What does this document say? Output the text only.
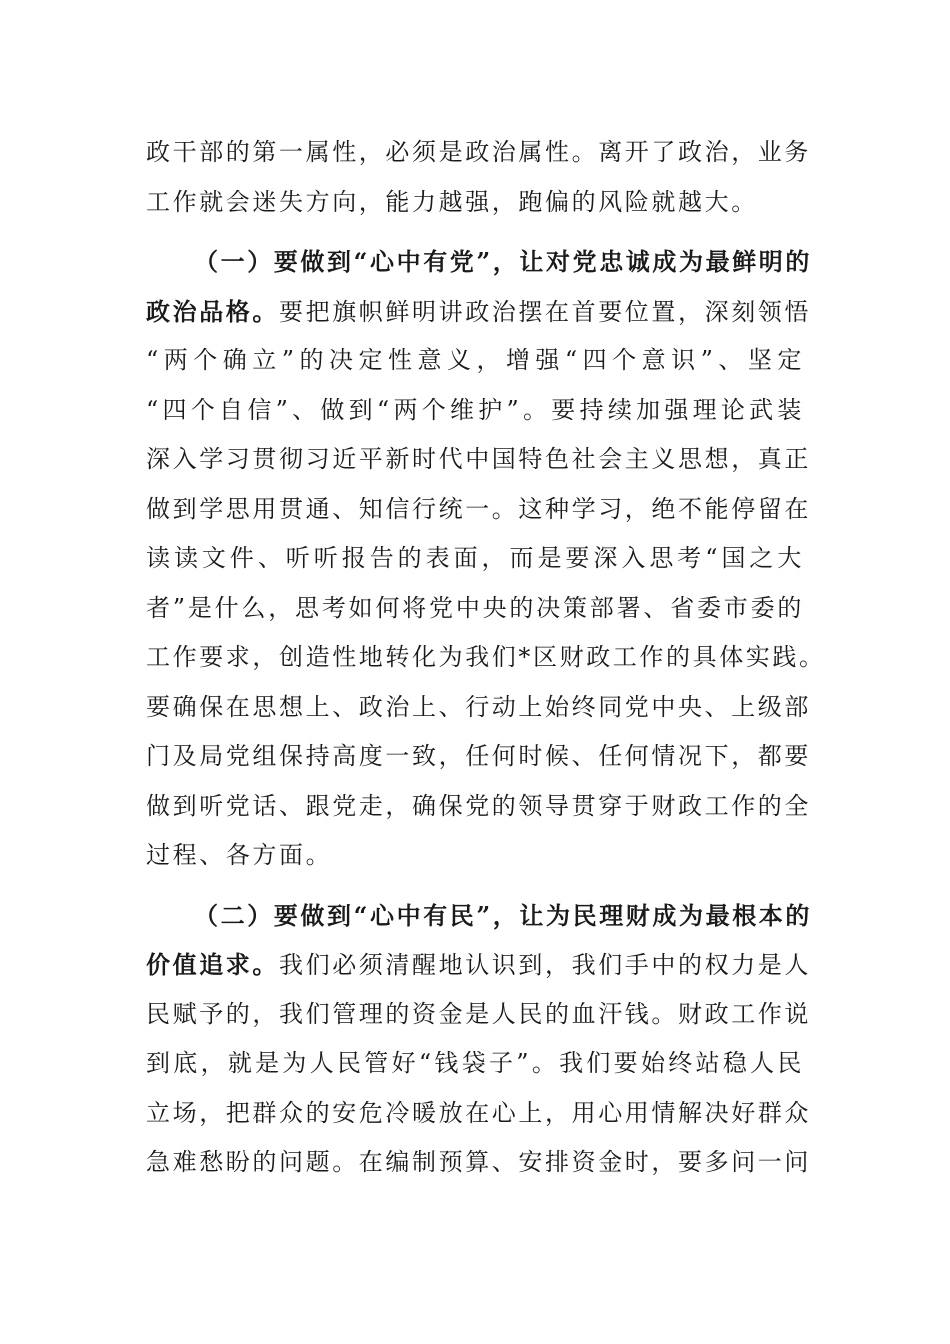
政干部的第一属性，必须是政治属性。离开了政治，业务
工作就会迷失方向，能力越强，跑偏的风险就越大。
（一）要做到“心中有党”，让对党忠诚成为最鲜明的
政治品格。要把旗帜鲜明讲政治摆在首要位置，深刻领悟
“两个确立”的决定性意义，增强“四个意识”、坚定
“四个自信”、做到“两个维护”。要持续加强理论武装
深入学习贯彻习近平新时代中国特色社会主义思想，真正
做到学思用贯通、知信行统一。这种学习，绝不能停留在
读读文件、听听报告的表面，而是要深入思考“国之大
者”是什么，思考如何将党中央的决策部署、省委市委的
工作要求，创造性地转化为我们*区财政工作的具体实践。
要确保在思想上、政治上、行动上始终同党中央、上级部
门及局党组保持高度一致，任何时候、任何情况下，都要
做到听党话、跟党走，确保党的领导贯穿于财政工作的全
过程、各方面。
（二）要做到“心中有民”，让为民理财成为最根本的
价值追求。我们必须清醒地认识到，我们手中的权力是人
民赋予的，我们管理的资金是人民的血汗钱。财政工作说
到底，就是为人民管好“钱袋子”。我们要始终站稳人民
立场，把群众的安危冷暖放在心上，用心用情解决好群众
急难愁盼的问题。在编制预算、安排资金时，要多问一问
